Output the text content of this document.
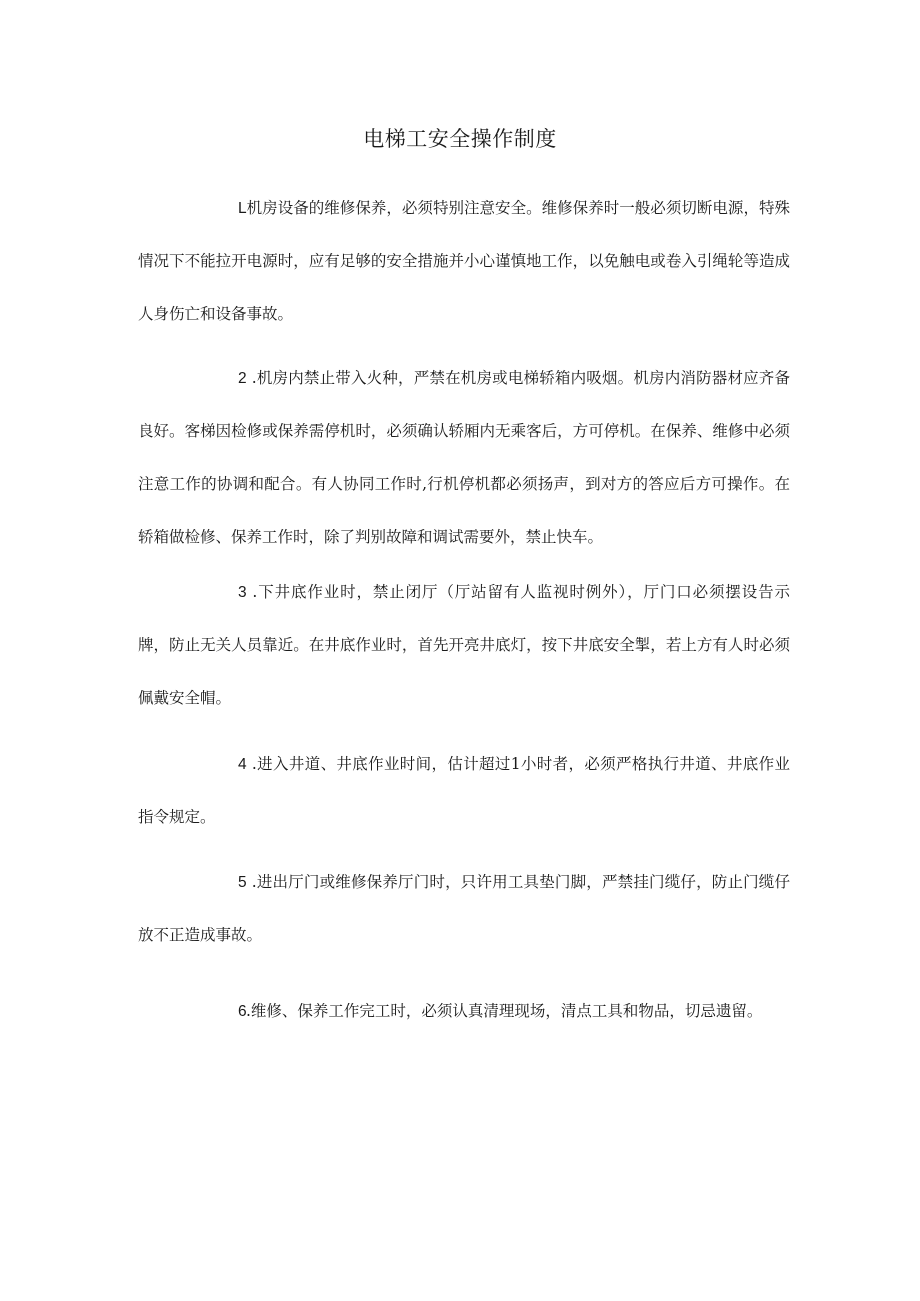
电梯工安全操作制度

L机房设备的维修保养，必须特别注意安全。维修保养时一般必须切断电源，特殊情况下不能拉开电源时，应有足够的安全措施并小心谨慎地工作，以免触电或卷入引绳轮等造成人身伤亡和设备事故。

2 .机房内禁止带入火种，严禁在机房或电梯轿箱内吸烟。机房内消防器材应齐备良好。客梯因检修或保养需停机时，必须确认轿厢内无乘客后，方可停机。在保养、维修中必须注意工作的协调和配合。有人协同工作时,行机停机都必须扬声，到对方的答应后方可操作。在轿箱做检修、保养工作时，除了判别故障和调试需要外，禁止快车。

3 .下井底作业时，禁止闭厅（厅站留有人监视时例外），厅门口必须摆设告示牌，防止无关人员靠近。在井底作业时，首先开亮井底灯，按下井底安全掣，若上方有人时必须佩戴安全帽。

4 .进入井道、井底作业时间，估计超过1小时者，必须严格执行井道、井底作业指令规定。

5 .进出厅门或维修保养厅门时，只许用工具垫门脚，严禁挂门缆仔，防止门缆仔放不正造成事故。

6.维修、保养工作完工时，必须认真清理现场，清点工具和物品，切忌遗留。
